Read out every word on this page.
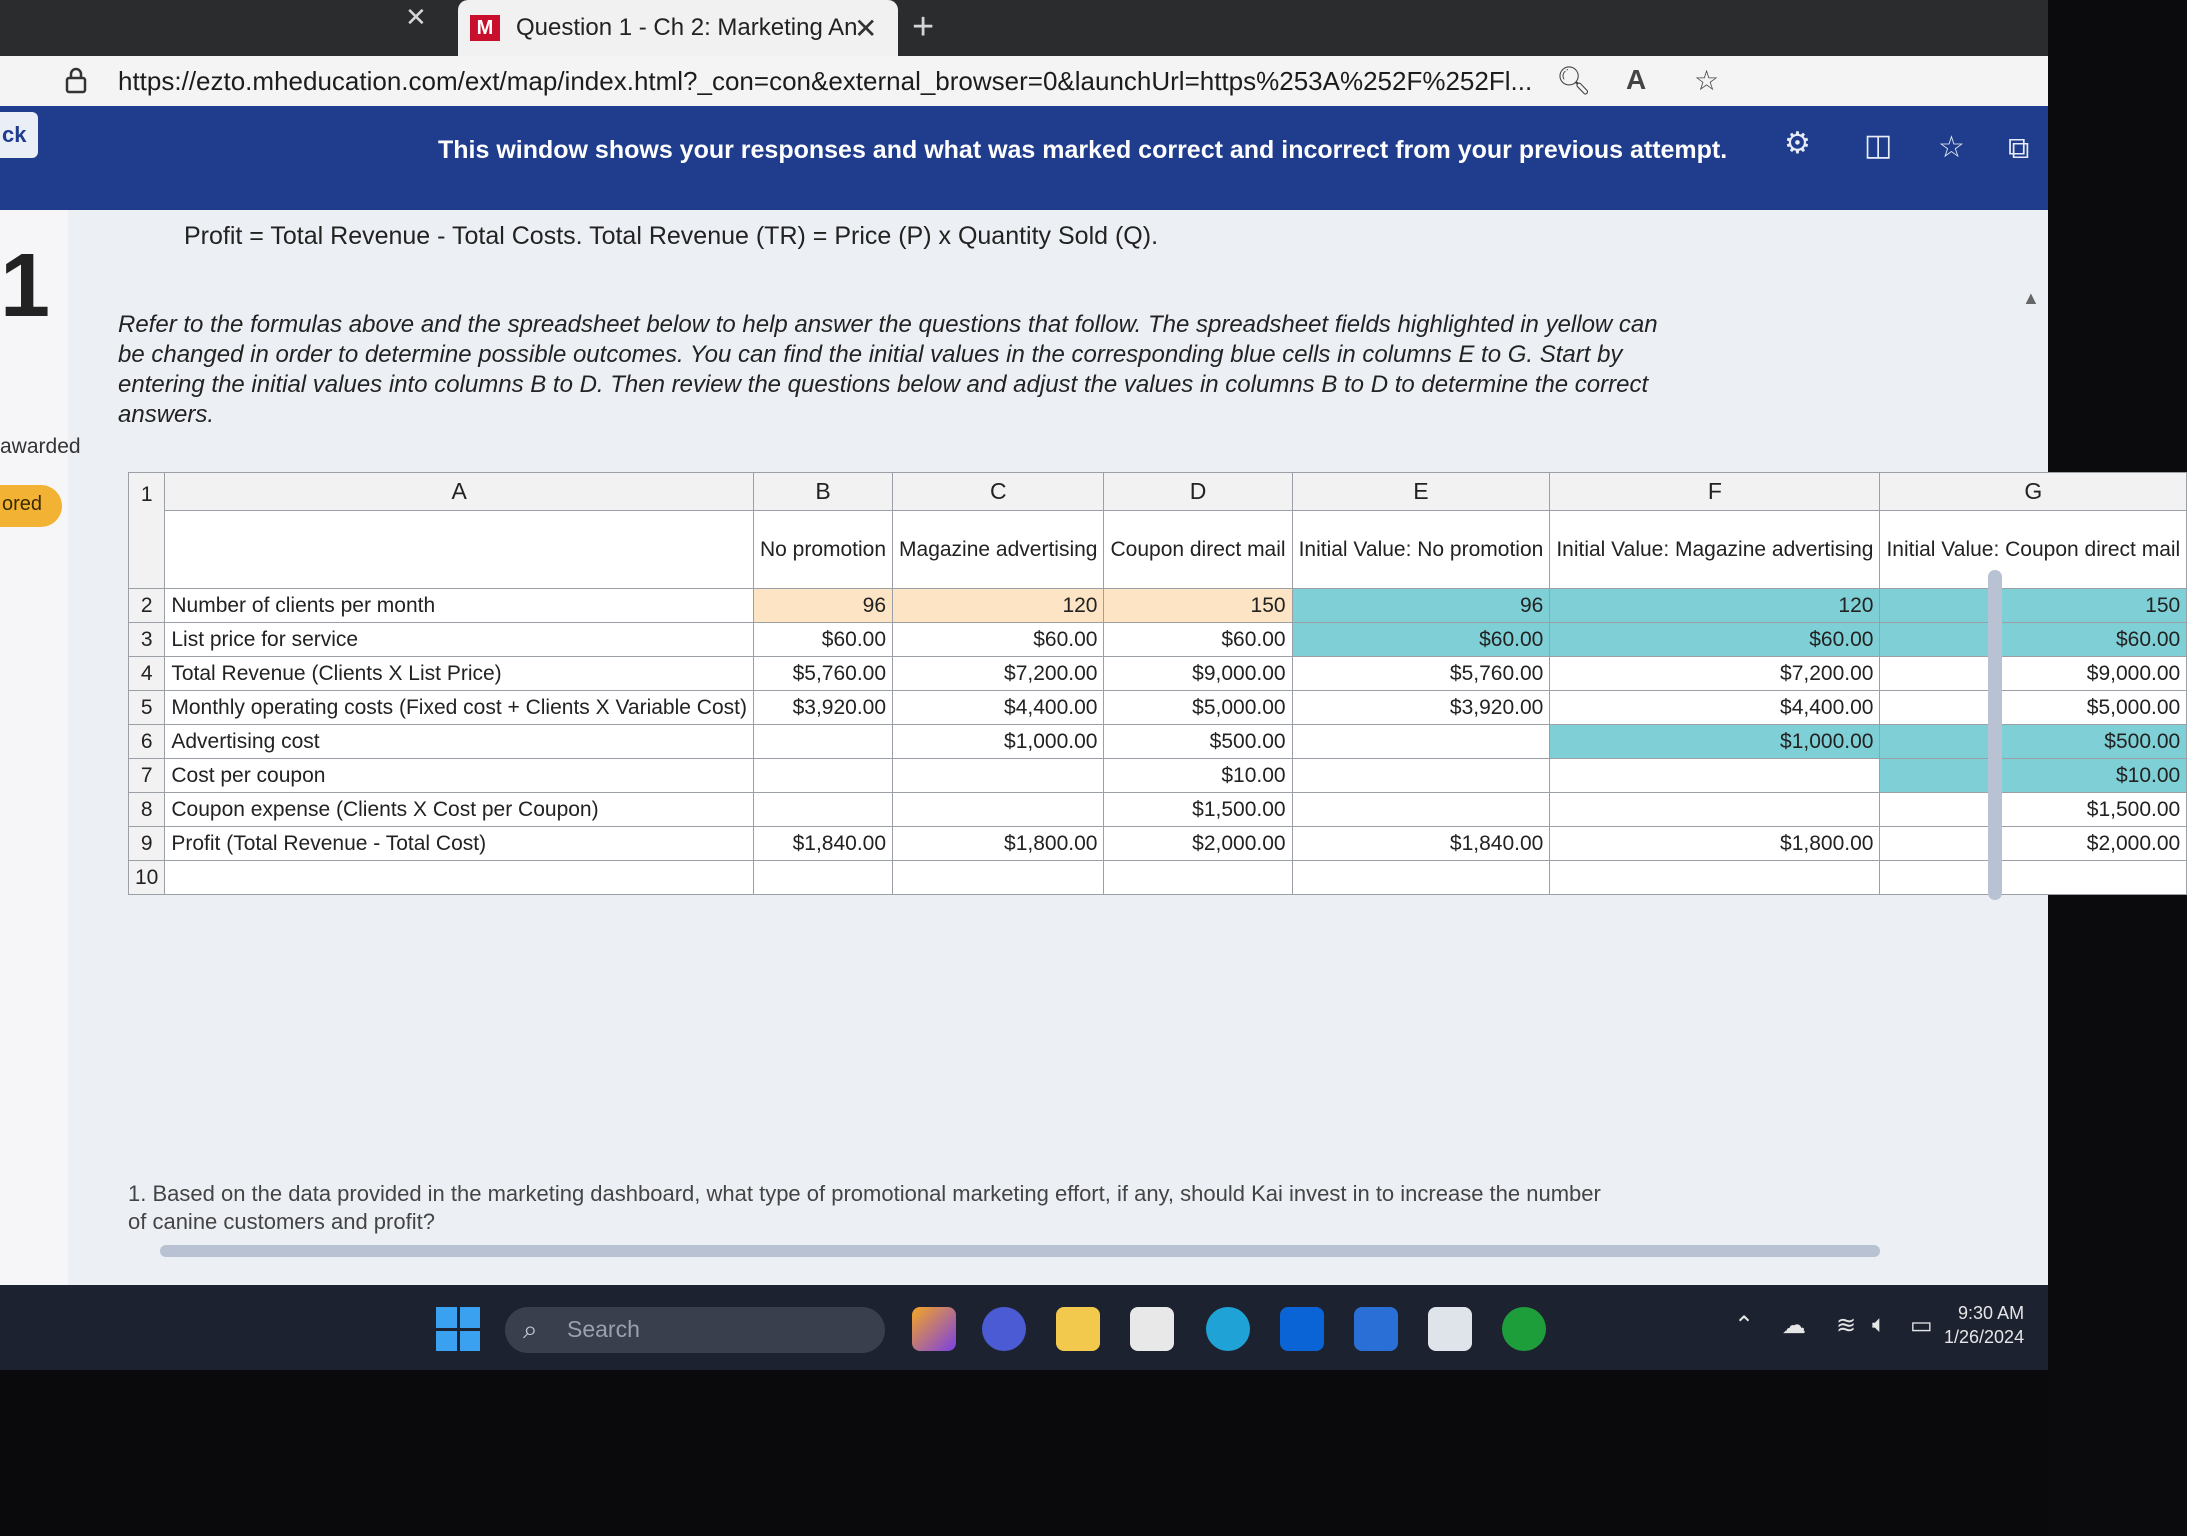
✕	M Question 1 - Ch 2: Marketing An
✕ +
https://ezto.mheducation.com/ext/map/index.html?_con=con&external_browser=0&launchUrl=https%253A%252F%252Fl... 🔍︎ A ☆
ck
This window shows your responses and what was marked correct and incorrect from your previous attempt. ⚙ ◫ ☆ ⧉
1
awarded
ored
Profit = Total Revenue - Total Costs. Total Revenue (TR) = Price (P) x Quantity Sold (Q).
Refer to the formulas above and the spreadsheet below to help answer the questions that follow. The spreadsheet fields highlighted in yellow can be changed in order to determine possible outcomes. You can find the initial values in the corresponding blue cells in columns E to G. Start by entering the initial values into columns B to D. Then review the questions below and adjust the values in columns B to D to determine the correct answers.
1	A	B	C	D	E	F	G
		No promotion	Magazine advertising	Coupon direct mail	Initial Value: No promotion	Initial Value: Magazine advertising	Initial Value: Coupon direct mail
2	Number of clients per month	96	120	150	96	120	150
3	List price for service	$60.00	$60.00	$60.00	$60.00	$60.00	$60.00
4	Total Revenue (Clients X List Price)	$5,760.00	$7,200.00	$9,000.00	$5,760.00	$7,200.00	$9,000.00
5	Monthly operating costs (Fixed cost + Clients X Variable Cost)	$3,920.00	$4,400.00	$5,000.00	$3,920.00	$4,400.00	$5,000.00
6	Advertising cost		$1,000.00	$500.00		$1,000.00	$500.00
7	Cost per coupon			$10.00			$10.00
8	Coupon expense (Clients X Cost per Coupon)			$1,500.00			$1,500.00
9	Profit (Total Revenue - Total Cost)	$1,840.00	$1,800.00	$2,000.00	$1,840.00	$1,800.00	$2,000.00
10							
1. Based on the data provided in the marketing dashboard, what type of promotional marketing effort, if any, should Kai invest in to increase the number of canine customers and profit?
▲
⌕ Search	⌃ ☁ ≋ 🔈︎ ▭	9:30 AM
1/26/2024
